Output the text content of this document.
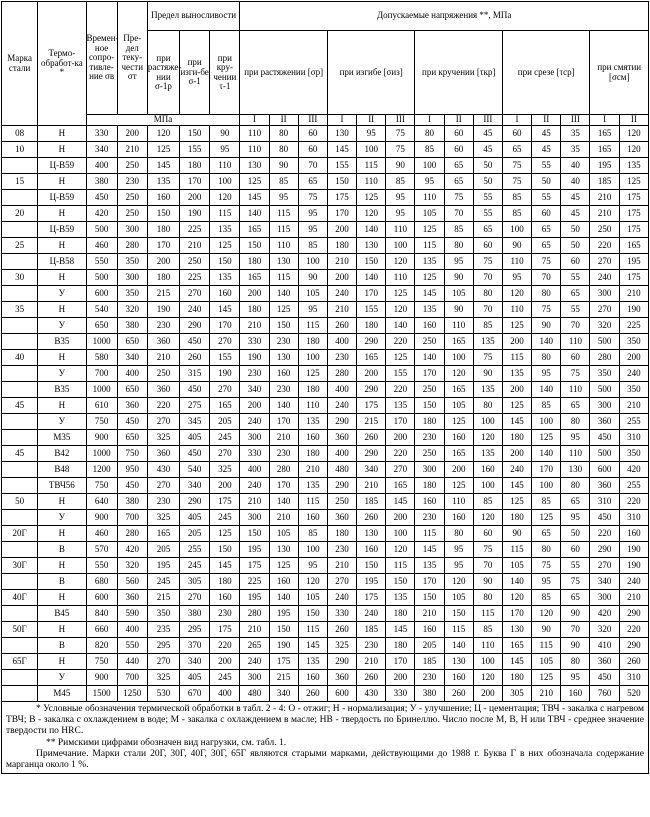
Марка стали	Термо-обработ-ка *	Времен-ное сопро-тивле-ние σв	Пре-дел теку-чести σт	Предел выносливости			Допускаемые напряжения **, МПа													
				при растяже-нии σ-1р	при изги-бе σ-1	при кру-чении τ-1	при растяжении [σр]			при изгибе [σиз]			при кручении [τкр]			при срезе [τср]			при смятии [σсм]	
		МПа					I	II	III	I	II	III	I	II	III	I	II	III	I	II
08	Н	330	200	120	150	90	110	80	60	130	95	75	80	60	45	60	45	35	165	120
10	Н	340	210	125	155	95	110	80	60	145	100	75	85	60	45	65	45	35	165	120
	Ц-В59	400	250	145	180	110	130	90	70	155	115	90	100	65	50	75	55	40	195	135
15	Н	380	230	135	170	100	125	85	65	150	110	85	95	65	50	75	50	40	185	125
	Ц-В59	450	250	160	200	120	145	95	75	175	125	95	110	75	55	85	55	45	210	175
20	Н	420	250	150	190	115	140	115	95	170	120	95	105	70	55	85	60	45	210	175
	Ц-В59	500	300	180	225	135	165	115	95	200	140	110	125	85	65	100	65	50	250	175
25	Н	460	280	170	210	125	150	110	85	180	130	100	115	80	60	90	65	50	220	165
	Ц-В58	550	350	200	250	150	180	130	100	210	150	120	135	95	75	110	75	60	270	195
30	Н	500	300	180	225	135	165	115	90	200	140	110	125	90	70	95	70	55	240	175
	У	600	350	215	270	160	200	140	105	240	170	125	145	105	80	120	80	65	300	210
35	Н	540	320	190	240	145	180	125	95	210	155	120	135	90	70	110	75	55	270	190
	У	650	380	230	290	170	210	150	115	260	180	140	160	110	85	125	90	70	320	225
	В35	1000	650	360	450	270	330	230	180	400	290	220	250	165	135	200	140	110	500	350
40	Н	580	340	210	260	155	190	130	100	230	165	125	140	100	75	115	80	60	280	200
	У	700	400	250	315	190	230	160	125	280	200	155	170	120	90	135	95	75	350	240
	В35	1000	650	360	450	270	340	230	180	400	290	220	250	165	135	200	140	110	500	350
45	Н	610	360	220	275	165	200	140	110	240	175	135	150	105	80	125	85	65	300	210
	У	750	450	270	345	205	240	170	135	290	215	170	180	125	100	145	100	80	360	255
	М35	900	650	325	405	245	300	210	160	360	260	200	230	160	120	180	125	95	450	310
45	В42	1000	750	360	450	270	330	230	180	400	290	220	250	165	135	200	140	110	500	350
	В48	1200	950	430	540	325	400	280	210	480	340	270	300	200	160	240	170	130	600	420
	ТВЧ56	750	450	270	340	200	240	170	135	290	210	165	180	125	100	145	100	80	360	255
50	Н	640	380	230	290	175	210	140	115	250	185	145	160	110	85	125	85	65	310	220
	У	900	700	325	405	245	300	210	160	360	260	200	230	160	120	180	125	95	450	310
20Г	Н	460	280	165	205	125	150	105	85	180	130	100	115	80	60	90	65	50	220	160
	В	570	420	205	255	150	195	130	100	230	160	120	145	95	75	115	80	60	290	190
30Г	Н	550	320	195	245	145	175	125	95	210	150	115	135	95	70	105	75	55	270	190
	В	680	560	245	305	180	225	160	120	270	195	150	170	120	90	140	95	75	340	240
40Г	Н	600	360	215	270	160	195	140	105	240	175	135	150	105	80	120	85	65	300	210
	В45	840	590	350	380	230	280	195	150	330	240	180	210	150	115	170	120	90	420	290
50Г	Н	660	400	235	295	175	210	150	115	260	185	145	160	115	85	130	90	70	320	220
	В	820	550	295	370	220	265	190	145	325	230	180	205	140	110	165	115	90	410	290
65Г	Н	750	440	270	340	200	240	175	135	290	210	170	185	130	100	145	105	80	360	260
	У	900	700	325	405	245	300	215	160	360	260	200	230	160	120	180	125	95	450	310
	М45	1500	1250	530	670	400	480	340	260	600	430	330	380	260	200	305	210	160	760	520

* Условные обозначения термической обработки в табл. 2 - 4: О - отжиг; Н - нормализация; У - улучшение; Ц - цементация; ТВЧ - закалка с нагревом ТВЧ; В - закалка с охлаждением в воде; М - закалка с охлаждением в масле; НВ - твердость по Бринеллю. Число после М, В, Н или ТВЧ - среднее значение твердости по HRC.

** Римскими цифрами обозначен вид нагрузки, см. табл. 1.

Примечание. Марки стали 20Г, 30Г, 40Г, 30Г, 65Г являются старыми марками, действующими до 1988 г. Буква Г в них обозначала содержание марганца около 1 %.
